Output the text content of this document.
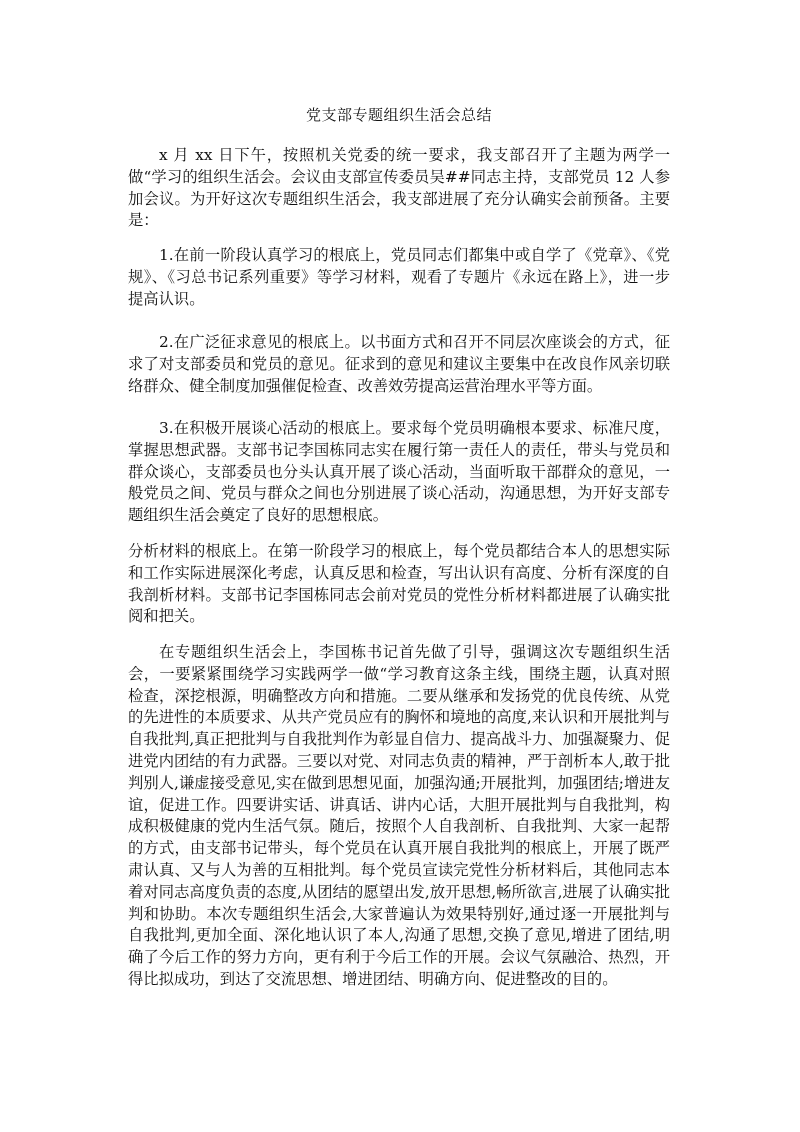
党支部专题组织生活会总结

x 月 xx 日下午，按照机关党委的统一要求，我支部召开了主题为两学一做“学习的组织生活会。会议由支部宣传委员吴##同志主持，支部党员 12 人参加会议。为开好这次专题组织生活会，我支部进展了充分认确实会前预备。主要是：

1.在前一阶段认真学习的根底上，党员同志们都集中或自学了《党章》、《党规》、《习总书记系列重要》等学习材料，观看了专题片《永远在路上》，进一步提高认识。

2.在广泛征求意见的根底上。以书面方式和召开不同层次座谈会的方式，征求了对支部委员和党员的意见。征求到的意见和建议主要集中在改良作风亲切联络群众、健全制度加强催促检查、改善效劳提高运营治理水平等方面。

3.在积极开展谈心活动的根底上。要求每个党员明确根本要求、标准尺度，掌握思想武器。支部书记李国栋同志实在履行第一责任人的责任，带头与党员和群众谈心，支部委员也分头认真开展了谈心活动，当面听取干部群众的意见，一般党员之间、党员与群众之间也分别进展了谈心活动，沟通思想，为开好支部专题组织生活会奠定了良好的思想根底。

分析材料的根底上。在第一阶段学习的根底上，每个党员都结合本人的思想实际和工作实际进展深化考虑，认真反思和检查，写出认识有高度、分析有深度的自我剖析材料。支部书记李国栋同志会前对党员的党性分析材料都进展了认确实批阅和把关。

在专题组织生活会上，李国栋书记首先做了引导，强调这次专题组织生活会，一要紧紧围绕学习实践两学一做“学习教育这条主线，围绕主题，认真对照检查，深挖根源，明确整改方向和措施。二要从继承和发扬党的优良传统、从党的先进性的本质要求、从共产党员应有的胸怀和境地的高度,来认识和开展批判与自我批判,真正把批判与自我批判作为彰显自信力、提高战斗力、加强凝聚力、促进党内团结的有力武器。三要以对党、对同志负责的精神，严于剖析本人,敢于批判别人,谦虚接受意见,实在做到思想见面，加强沟通;开展批判，加强团结;增进友谊，促进工作。四要讲实话、讲真话、讲内心话，大胆开展批判与自我批判，构成积极健康的党内生活气氛。随后，按照个人自我剖析、自我批判、大家一起帮的方式，由支部书记带头，每个党员在认真开展自我批判的根底上，开展了既严肃认真、又与人为善的互相批判。每个党员宣读完党性分析材料后，其他同志本着对同志高度负责的态度,从团结的愿望出发,放开思想,畅所欲言,进展了认确实批判和协助。本次专题组织生活会,大家普遍认为效果特别好,通过逐一开展批判与自我批判,更加全面、深化地认识了本人,沟通了思想,交换了意见,增进了团结,明确了今后工作的努力方向，更有利于今后工作的开展。会议气氛融洽、热烈，开得比拟成功，到达了交流思想、增进团结、明确方向、促进整改的目的。
